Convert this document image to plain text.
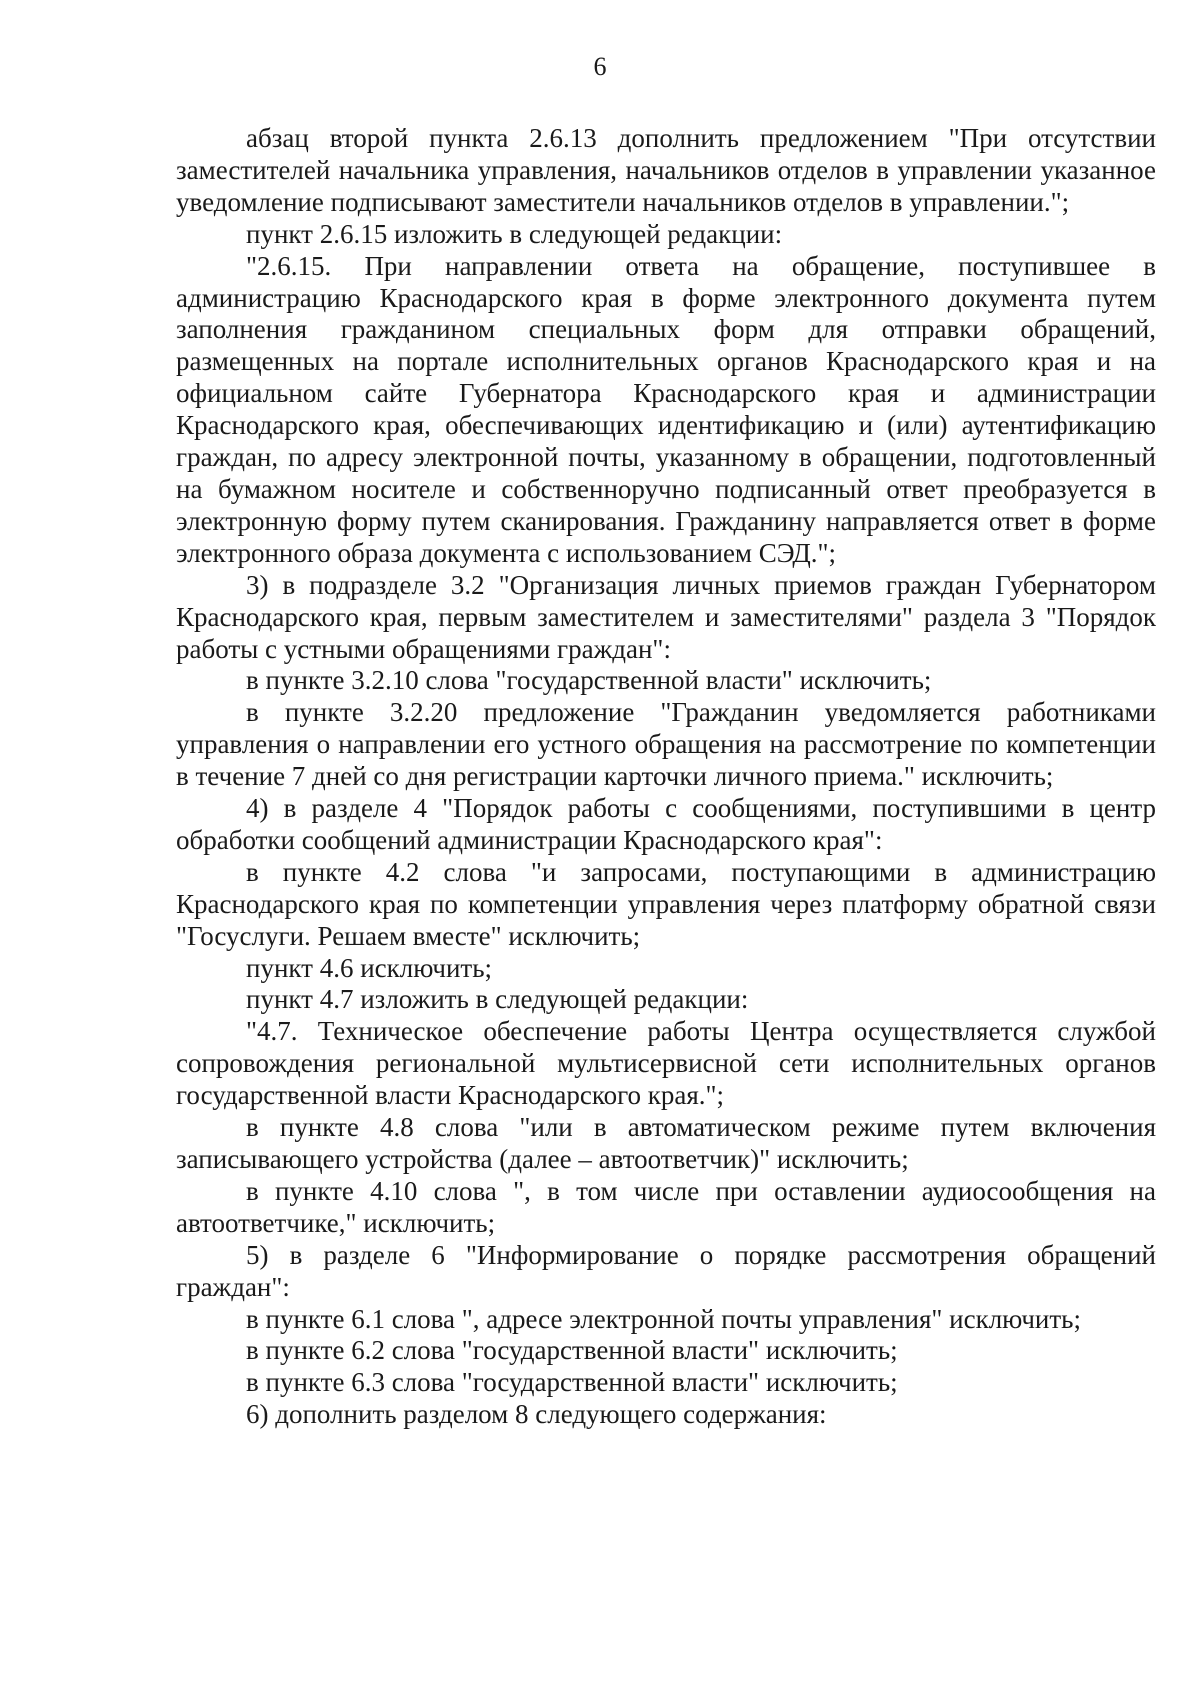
6

абзац второй пункта 2.6.13 дополнить предложением "При отсутствии заместителей начальника управления, начальников отделов в управлении указанное уведомление подписывают заместители начальников отделов в управлении.";

пункт 2.6.15 изложить в следующей редакции:

"2.6.15. При направлении ответа на обращение, поступившее в администрацию Краснодарского края в форме электронного документа путем заполнения гражданином специальных форм для отправки обращений, размещенных на портале исполнительных органов Краснодарского края и на официальном сайте Губернатора Краснодарского края и администрации Краснодарского края, обеспечивающих идентификацию и (или) аутентификацию граждан, по адресу электронной почты, указанному в обращении, подготовленный на бумажном носителе и собственноручно подписанный ответ преобразуется в электронную форму путем сканирования. Гражданину направляется ответ в форме электронного образа документа с использованием СЭД.";

3) в подразделе 3.2 "Организация личных приемов граждан Губернатором Краснодарского края, первым заместителем и заместителями" раздела 3 "Порядок работы с устными обращениями граждан":

в пункте 3.2.10 слова "государственной власти" исключить;

в пункте 3.2.20 предложение "Гражданин уведомляется работниками управления о направлении его устного обращения на рассмотрение по компетенции в течение 7 дней со дня регистрации карточки личного приема." исключить;

4) в разделе 4 "Порядок работы с сообщениями, поступившими в центр обработки сообщений администрации Краснодарского края":

в пункте 4.2 слова "и запросами, поступающими в администрацию Краснодарского края по компетенции управления через платформу обратной связи "Госуслуги. Решаем вместе" исключить;

пункт 4.6 исключить;

пункт 4.7 изложить в следующей редакции:

"4.7. Техническое обеспечение работы Центра осуществляется службой сопровождения региональной мультисервисной сети исполнительных органов государственной власти Краснодарского края.";

в пункте 4.8 слова "или в автоматическом режиме путем включения записывающего устройства (далее – автоответчик)" исключить;

в пункте 4.10 слова ", в том числе при оставлении аудиосообщения на автоответчике," исключить;

5) в разделе 6 "Информирование о порядке рассмотрения обращений граждан":

в пункте 6.1 слова ", адресе электронной почты управления" исключить;

в пункте 6.2 слова "государственной власти" исключить;

в пункте 6.3 слова "государственной власти" исключить;

6) дополнить разделом 8 следующего содержания:
